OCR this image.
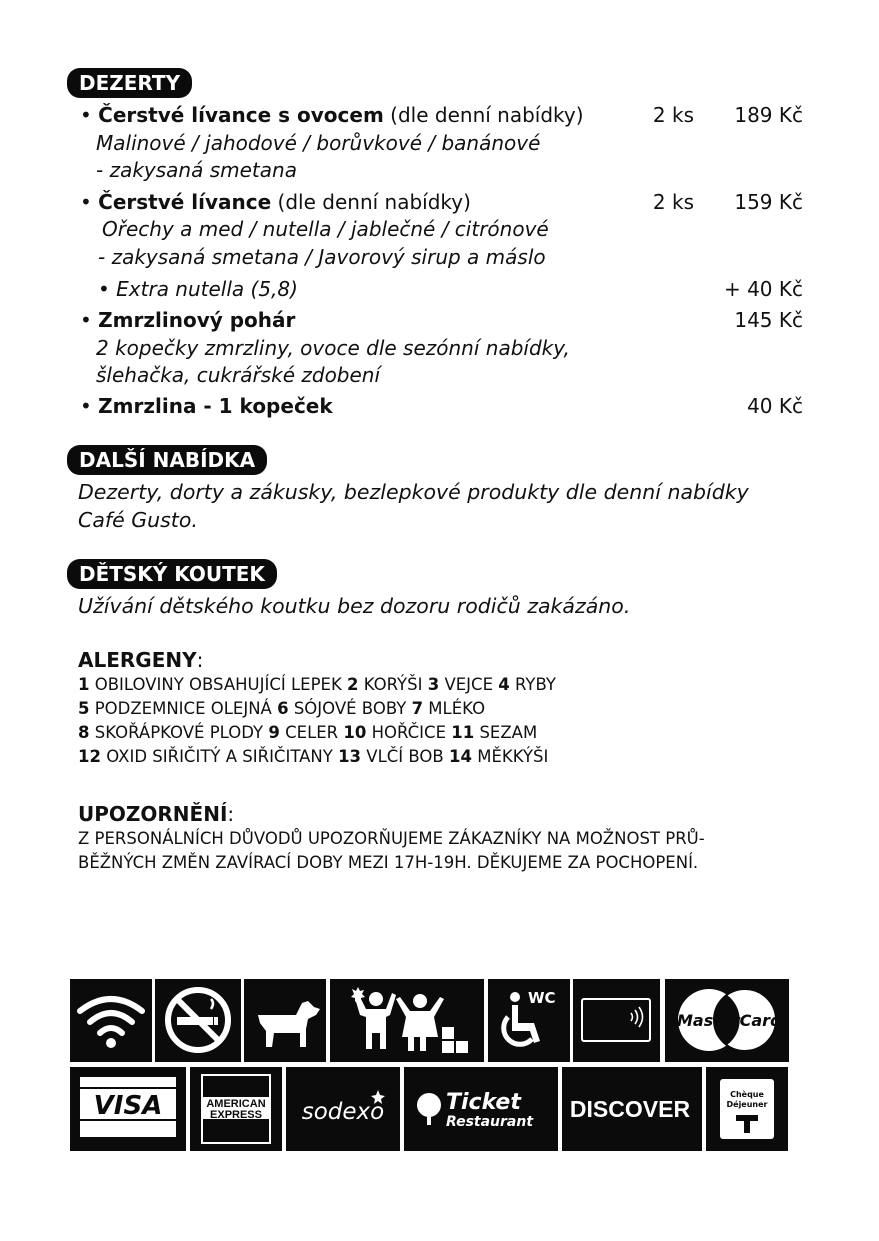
DEZERTY
• Čerstvé lívance s ovocem (dle denní nabídky)	2 ks 189 Kč
Malinové / jahodové / borůvkové / banánové
- zakysaná smetana
• Čerstvé lívance (dle denní nabídky)	2 ks 159 Kč
Ořechy a med / nutella / jablečné / citrónové
- zakysaná smetana / Javorový sirup a máslo
• Extra nutella (5,8)	+ 40 Kč
• Zmrzlinový pohár	145 Kč
2 kopečky zmrzliny, ovoce dle sezónní nabídky,
šlehačka, cukrářské zdobení
• Zmrzlina - 1 kopeček	40 Kč
DALŠÍ NABÍDKA
Dezerty, dorty a zákusky, bezlepkové produkty dle denní nabídky
Café Gusto.
DĚTSKÝ KOUTEK
Užívání dětského koutku bez dozoru rodičů zakázáno.
ALERGENY:
1 OBILOVINY OBSAHUJÍCÍ LEPEK 2 KORÝŠI 3 VEJCE 4 RYBY
5 PODZEMNICE OLEJNÁ 6 SÓJOVÉ BOBY 7 MLÉKO
8 SKOŘÁPKOVÉ PLODY 9 CELER 10 HOŘČICE 11 SEZAM
12 OXID SIŘIČITÝ A SIŘIČITANY 13 VLČÍ BOB 14 MĚKKÝŠI
UPOZORNĚNÍ:
Z PERSONÁLNÍCH DŮVODŮ UPOZORŇUJEME ZÁKAZNÍKY NA MOŽNOST PRŮ-
BĚŽNÝCH ZMĚN ZAVÍRACÍ DOBY MEZI 17H-19H. DĚKUJEME ZA POCHOPENÍ.
WC
MasterCard
VISA	AMERICAN
EXPRESS sodexo	Ticket
Restaurant DISCOVER
Chèque
Déjeuner
